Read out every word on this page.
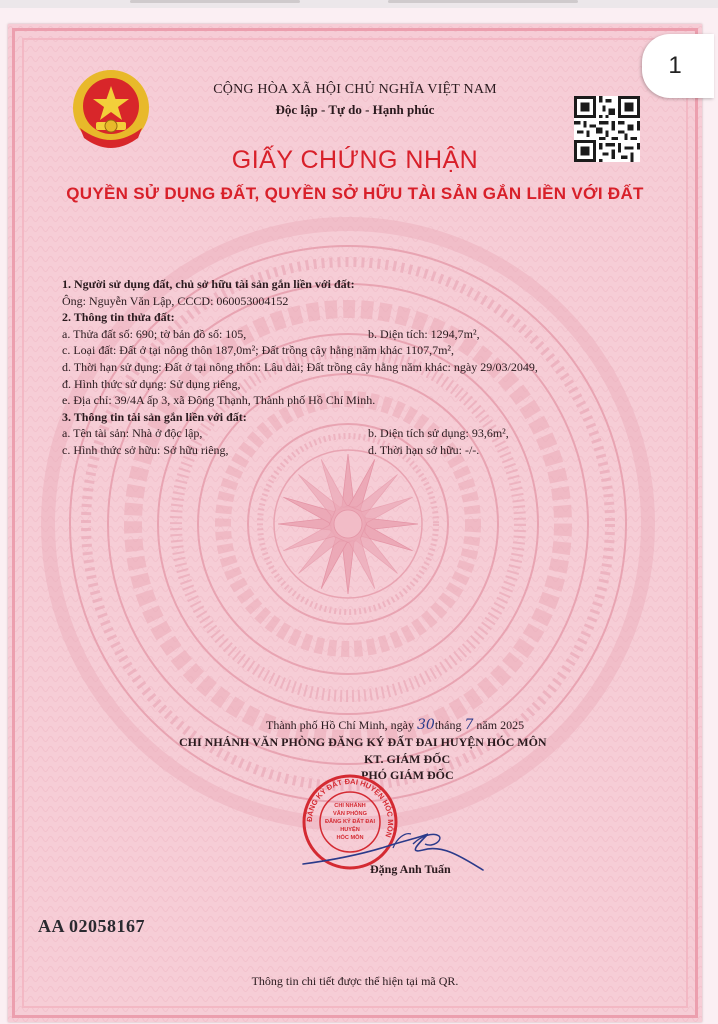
CỘNG HÒA XÃ HỘI CHỦ NGHĨA VIỆT NAM
Độc lập - Tự do - Hạnh phúc
GIẤY CHỨNG NHẬN
QUYỀN SỬ DỤNG ĐẤT, QUYỀN SỞ HỮU TÀI SẢN GẮN LIỀN VỚI ĐẤT
1. Người sử dụng đất, chủ sở hữu tài sản gắn liền với đất:
Ông: Nguyễn Văn Lập, CCCD: 060053004152
2. Thông tin thửa đất:
a. Thửa đất số: 690; tờ bản đồ số: 105,	b. Diện tích: 1294,7m²,
c. Loại đất: Đất ở tại nông thôn 187,0m²; Đất trồng cây hằng năm khác 1107,7m²,
d. Thời hạn sử dụng: Đất ở tại nông thôn: Lâu dài; Đất trồng cây hằng năm khác: ngày 29/03/2049,
đ. Hình thức sử dụng: Sử dụng riêng,
e. Địa chỉ: 39/4A ấp 3, xã Đông Thạnh, Thành phố Hồ Chí Minh.
3. Thông tin tài sản gắn liền với đất:
a. Tên tài sản: Nhà ở độc lập,	b. Diện tích sử dụng: 93,6m²,
c. Hình thức sở hữu: Sở hữu riêng,	d. Thời hạn sở hữu: -/-.
Thành phố Hồ Chí Minh, ngày 30tháng 7 năm 2025
CHI NHÁNH VĂN PHÒNG ĐĂNG KÝ ĐẤT ĐAI HUYỆN HÓC MÔN
KT. GIÁM ĐỐC
PHÓ GIÁM ĐỐC
ĐĂNG KÝ ĐẤT ĐAI HUYỆN HÓC MÔN
CHI NHÁNH
VĂN PHÒNG
ĐĂNG KÝ ĐẤT ĐAI
HUYỆN
HÓC MÔN
Đặng Anh Tuấn
AA 02058167
Thông tin chi tiết được thể hiện tại mã QR.
1
